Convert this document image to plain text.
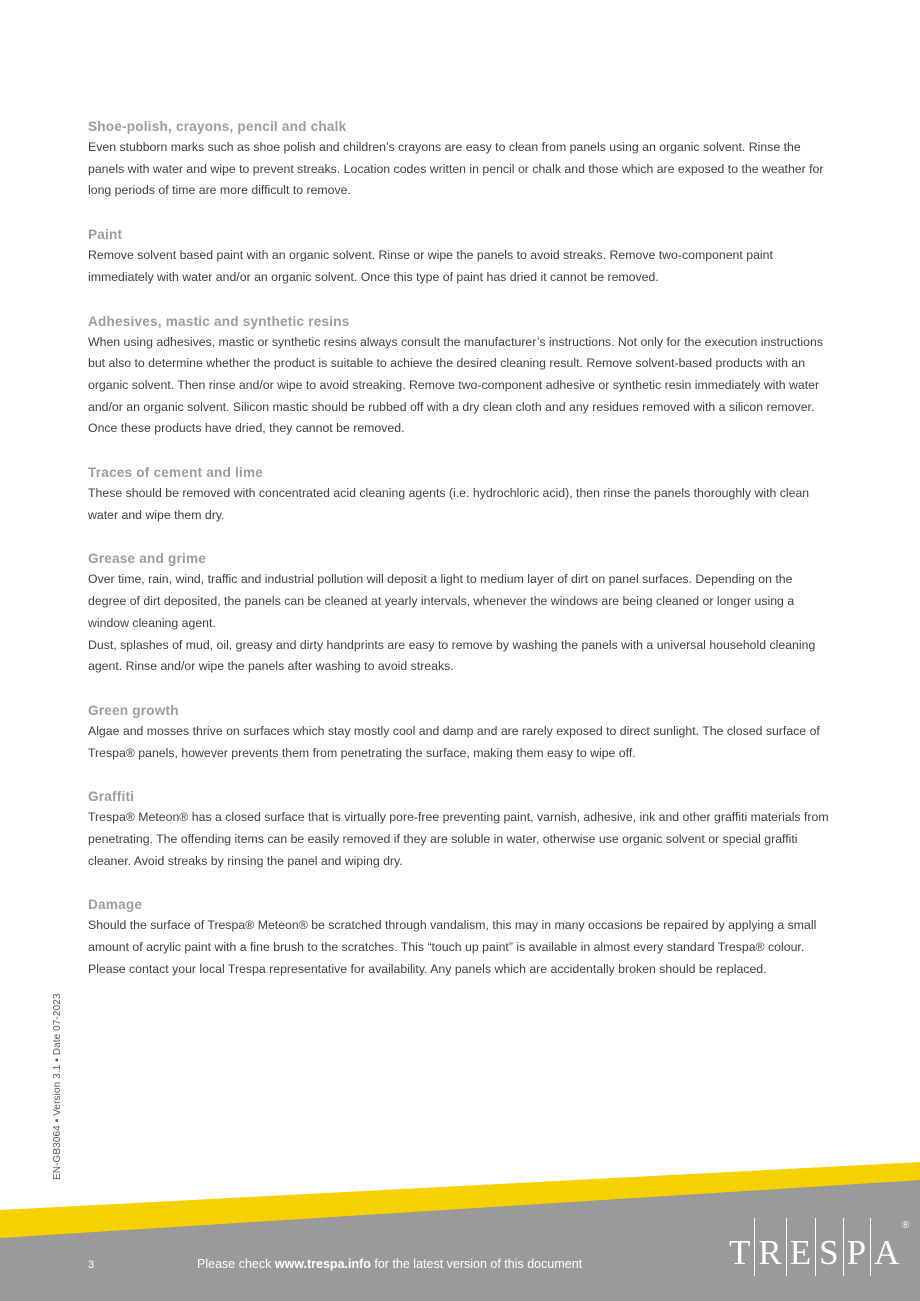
Shoe-polish, crayons, pencil and chalk

Even stubborn marks such as shoe polish and children’s crayons are easy to clean from panels using an organic solvent. Rinse the panels with water and wipe to prevent streaks. Location codes written in pencil or chalk and those which are exposed to the weather for long periods of time are more difficult to remove.

Paint

Remove solvent based paint with an organic solvent. Rinse or wipe the panels to avoid streaks. Remove two-component paint immediately with water and/or an organic solvent. Once this type of paint has dried it cannot be removed.

Adhesives, mastic and synthetic resins

When using adhesives, mastic or synthetic resins always consult the manufacturer’s instructions. Not only for the execution instructions but also to determine whether the product is suitable to achieve the desired cleaning result. Remove solvent-based products with an organic solvent. Then rinse and/or wipe to avoid streaking. Remove two-component adhesive or synthetic resin immediately with water and/or an organic solvent. Silicon mastic should be rubbed off with a dry clean cloth and any residues removed with a silicon remover. Once these products have dried, they cannot be removed.

Traces of cement and lime

These should be removed with concentrated acid cleaning agents (i.e. hydrochloric acid), then rinse the panels thoroughly with clean water and wipe them dry.

Grease and grime

Over time, rain, wind, traffic and industrial pollution will deposit a light to medium layer of dirt on panel surfaces. Depending on the degree of dirt deposited, the panels can be cleaned at yearly intervals, whenever the windows are being cleaned or longer using a window cleaning agent.

Dust, splashes of mud, oil, greasy and dirty handprints are easy to remove by washing the panels with a universal household cleaning agent. Rinse and/or wipe the panels after washing to avoid streaks.

Green growth

Algae and mosses thrive on surfaces which stay mostly cool and damp and are rarely exposed to direct sunlight. The closed surface of Trespa® panels, however prevents them from penetrating the surface, making them easy to wipe off.

Graffiti

Trespa® Meteon® has a closed surface that is virtually pore-free preventing paint, varnish, adhesive, ink and other graffiti materials from penetrating. The offending items can be easily removed if they are soluble in water, otherwise use organic solvent or special graffiti cleaner. Avoid streaks by rinsing the panel and wiping dry.

Damage

Should the surface of Trespa® Meteon® be scratched through vandalism, this may in many occasions be repaired by applying a small amount of acrylic paint with a fine brush to the scratches. This “touch up paint” is available in almost every standard Trespa® colour. Please contact your local Trespa representative for availability. Any panels which are accidentally broken should be replaced.

EN-GB3064 ▪ Version 3.1 ▪ Date 07-2023
3	Please check www.trespa.info for the latest version of this document	T R E S P A
®
